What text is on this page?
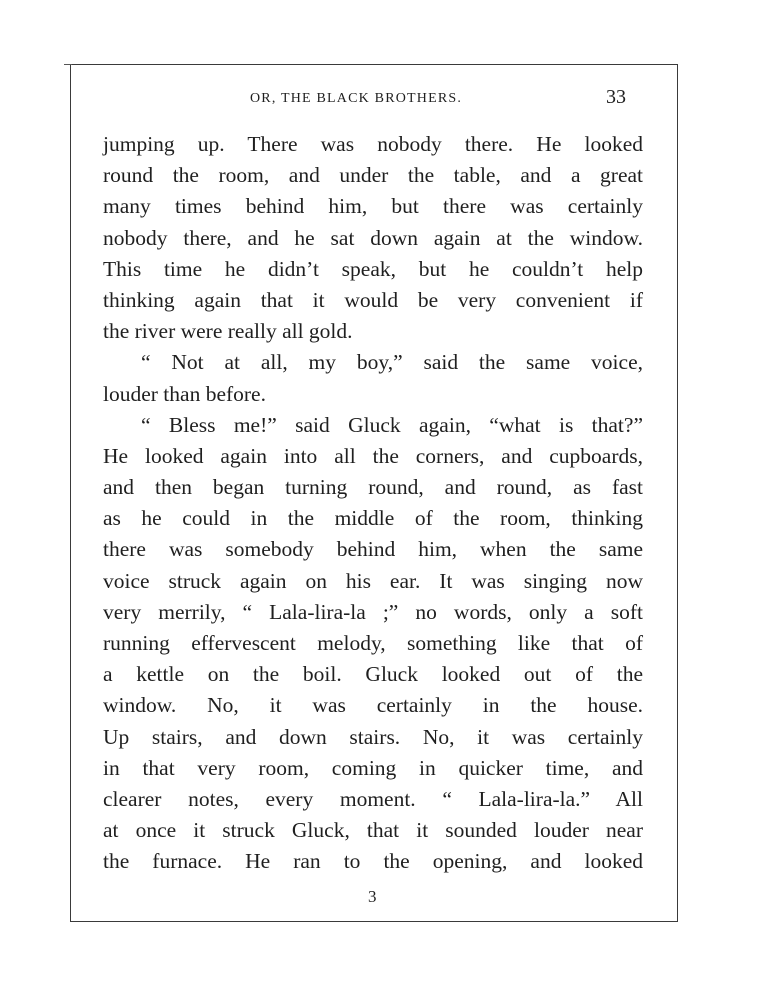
OR, THE BLACK BROTHERS.	33
jumping up. There was nobody there. He looked
round the room, and under the table, and a great
many times behind him, but there was certainly
nobody there, and he sat down again at the window.
This time he didn’t speak, but he couldn’t help
thinking again that it would be very convenient if
the river were really all gold.
“ Not at all, my boy,” said the same voice,
louder than before.
“ Bless me!” said Gluck again, “what is that?”
He looked again into all the corners, and cupboards,
and then began turning round, and round, as fast
as he could in the middle of the room, thinking
there was somebody behind him, when the same
voice struck again on his ear. It was singing now
very merrily, “ Lala-lira-la ;” no words, only a soft
running effervescent melody, something like that of
a kettle on the boil. Gluck looked out of the
window. No, it was certainly in the house.
Up stairs, and down stairs. No, it was certainly
in that very room, coming in quicker time, and
clearer notes, every moment. “ Lala-lira-la.” All
at once it struck Gluck, that it sounded louder near
the furnace. He ran to the opening, and looked
3
